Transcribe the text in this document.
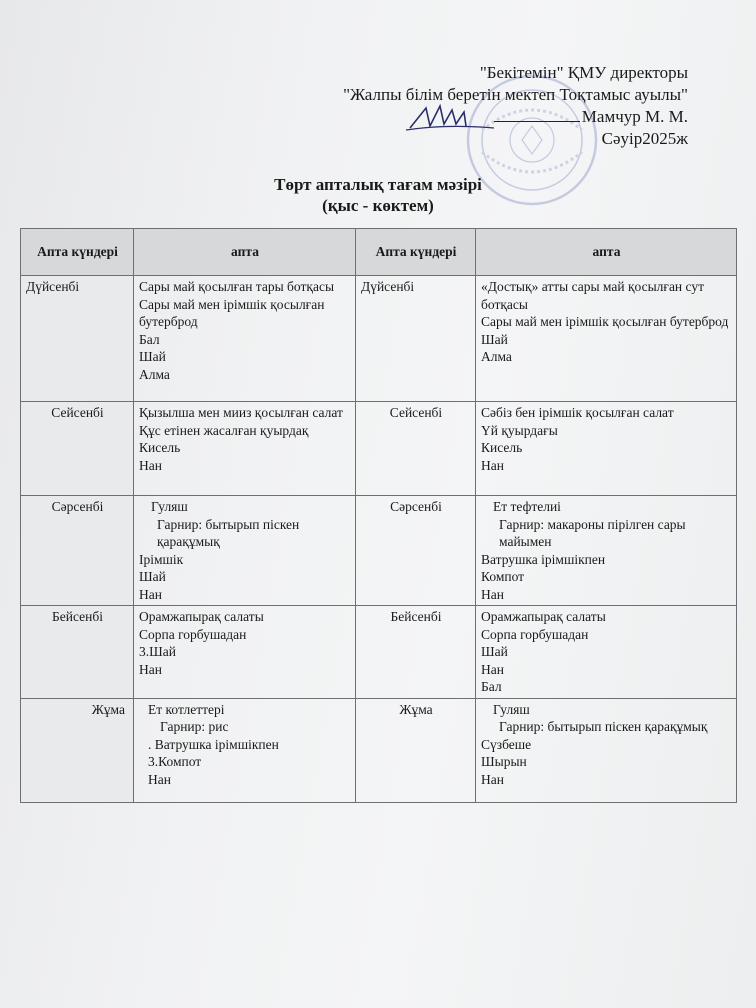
"Бекітемін" ҚМУ директоры
"Жалпы білім беретін мектеп Тоқтамыс ауылы"
Мамчур М. М.
Сәуір2025ж
Төрт апталық тағам мәзірі
(қыс - көктем)
Апта күндері	апта	Апта күндері	апта
Дүйсенбі	Сары май қосылған тары ботқасы
Сары май мен ірімшік қосылған бутерброд
Бал
Шай
Алма	Дүйсенбі	«Достық» атты сары май қосылған сут ботқасы
Сары май мен ірімшік қосылған бутерброд
Шай
Алма

Сейсенбі	Қызылша мен мииз қосылған салат
Құс етінен жасалған қуырдақ
Кисель
Нан	Сейсенбі	Сәбіз бен ірімшік қосылған салат
Үй қуырдағы
Кисель
Нан

Сәрсенбі	Гуляш
Гарнир: бытырып піскен қарақұмық
Ірімшік
Шай
Нан	Сәрсенбі	Ет тефтелиі
Гарнир: макароны пірілген сары майымен
Ватрушка ірімшікпен
Компот
Нан

Бейсенбі	Орамжапырақ салаты
Сорпа горбушадан
3.Шай
Нан	Бейсенбі	Орамжапырақ салаты
Сорпа горбушадан
Шай
Нан
Бал

Жұма	Ет котлеттері
Гарнир: рис
. Ватрушка ірімшікпен
3.Компот
Нан	Жұма	Гуляш
Гарнир: бытырып піскен қарақұмық
Сүзбеше
Шырын
Нан
